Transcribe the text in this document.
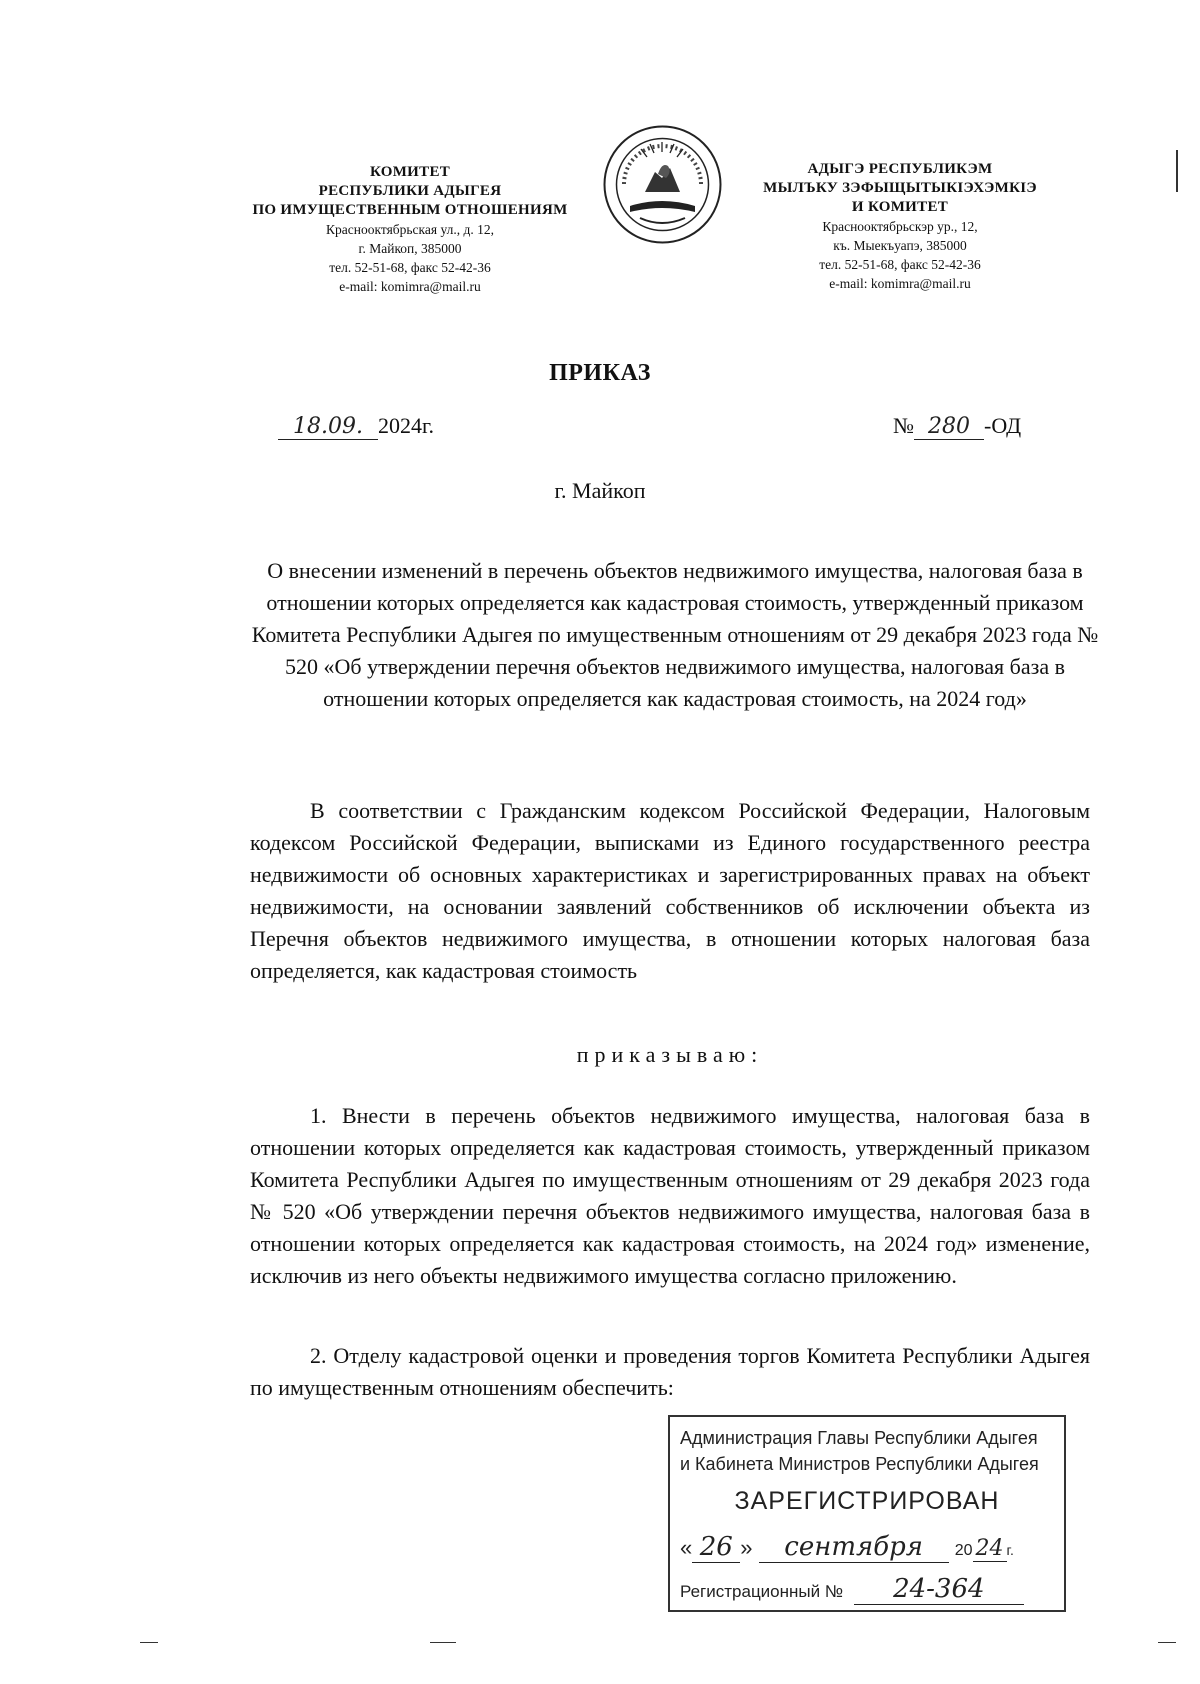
КОМИТЕТ
РЕСПУБЛИКИ АДЫГЕЯ
ПО ИМУЩЕСТВЕННЫМ ОТНОШЕНИЯМ
Краснооктябрьская ул., д. 12,
г. Майкоп, 385000
тел. 52-51-68, факс 52-42-36
e-mail: komimra@mail.ru
АДЫГЭ РЕСПУБЛИКЭМ
МЫЛЪКУ ЗЭФЫЩЫТЫКIЭХЭМКIЭ
И КОМИТЕТ
Краснооктябрьскэр ур., 12,
къ. Мыекъуапэ, 385000
тел. 52-51-68, факс 52-42-36
e-mail: komimra@mail.ru
ПРИКАЗ
18.09. 2024г.	№ 280 -ОД
г. Майкоп
О внесении изменений в перечень объектов недвижимого имущества, налоговая база в отношении которых определяется как кадастровая стоимость, утвержденный приказом Комитета Республики Адыгея по имущественным отношениям от 29 декабря 2023 года № 520 «Об утверждении перечня объектов недвижимого имущества, налоговая база в отношении которых определяется как кадастровая стоимость, на 2024 год»
В соответствии с Гражданским кодексом Российской Федерации, Налоговым кодексом Российской Федерации, выписками из Единого государственного реестра недвижимости об основных характеристиках и зарегистрированных правах на объект недвижимости, на основании заявлений собственников об исключении объекта из Перечня объектов недвижимого имущества, в отношении которых налоговая база определяется, как кадастровая стоимость
приказываю:
1. Внести в перечень объектов недвижимого имущества, налоговая база в отношении которых определяется как кадастровая стоимость, утвержденный приказом Комитета Республики Адыгея по имущественным отношениям от 29 декабря 2023 года № 520 «Об утверждении перечня объектов недвижимого имущества, налоговая база в отношении которых определяется как кадастровая стоимость, на 2024 год» изменение, исключив из него объекты недвижимого имущества согласно приложению.
2. Отделу кадастровой оценки и проведения торгов Комитета Республики Адыгея по имущественным отношениям обеспечить:
Администрация Главы Республики Адыгея
и Кабинета Министров Республики Адыгея
ЗАРЕГИСТРИРОВАН
« 26 » сентября 20 24 г.
Регистрационный № 24-364
